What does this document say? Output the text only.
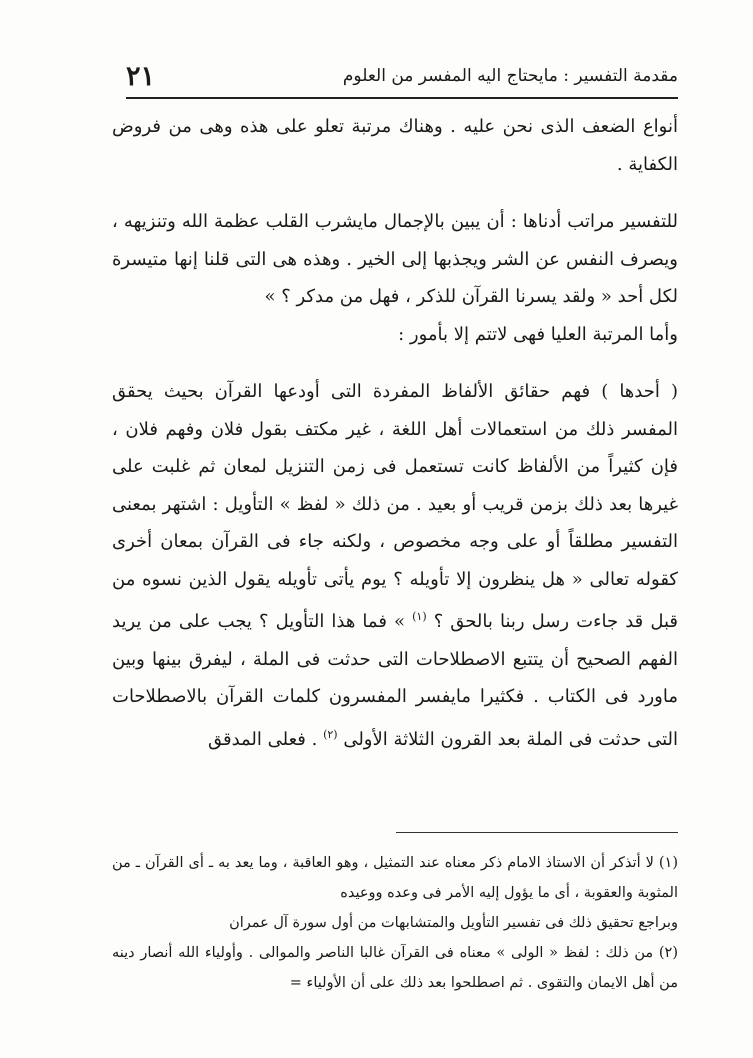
مقدمة التفسير : مايحتاج اليه المفسر من العلوم
٢١

أنواع الضعف الذى نحن عليه . وهناك مرتبة تعلو على هذه وهى من فروض الكفاية .

للتفسير مراتب أدناها : أن يبين بالإجمال مايشرب القلب عظمة الله وتنزيهه ، ويصرف النفس عن الشر ويجذبها إلى الخير . وهذه هى التى قلنا إنها متيسرة لكل أحد « ولقد يسرنا القرآن للذكر ، فهل من مدكر ؟ »

وأما المرتبة العليا فهى لاتتم إلا بأمور :

( أحدها ) فهم حقائق الألفاظ المفردة التى أودعها القرآن بحيث يحقق المفسر ذلك من استعمالات أهل اللغة ، غير مكتف بقول فلان وفهم فلان ، فإن كثيراً من الألفاظ كانت تستعمل فى زمن التنزيل لمعان ثم غلبت على غيرها بعد ذلك بزمن قريب أو بعيد . من ذلك « لفظ » التأويل : اشتهر بمعنى التفسير مطلقاً أو على وجه مخصوص ، ولكنه جاء فى القرآن بمعان أخرى كقوله تعالى « هل ينظرون إلا تأويله ؟ يوم يأتى تأويله يقول الذين نسوه من قبل قد جاءت رسل ربنا بالحق ؟ $^{(١)}$ » فما هذا التأويل ؟ يجب على من يريد الفهم الصحيح أن يتتبع الاصطلاحات التى حدثت فى الملة ، ليفرق بينها وبين ماورد فى الكتاب . فكثيرا مايفسر المفسرون كلمات القرآن بالاصطلاحات التى حدثت فى الملة بعد القرون الثلاثة الأولى $^{(٢)}$ . فعلى المدقق

(١) لا أتذكر أن الاستاذ الامام ذكر معناه عند التمثيل ، وهو العاقبة ، وما يعد به ـ أى القرآن ـ من المثوبة والعقوبة ، أى ما يؤول إليه الأمر فى وعده ووعيده

وبراجع تحقيق ذلك فى تفسير التأويل والمتشابهات من أول سورة آل عمران

(٢) من ذلك : لفظ « الولى » معناه فى القرآن غالبا الناصر والموالى . وأولياء الله أنصار دينه من أهل الايمان والتقوى . ثم اصطلحوا بعد ذلك على أن الأولياء =
